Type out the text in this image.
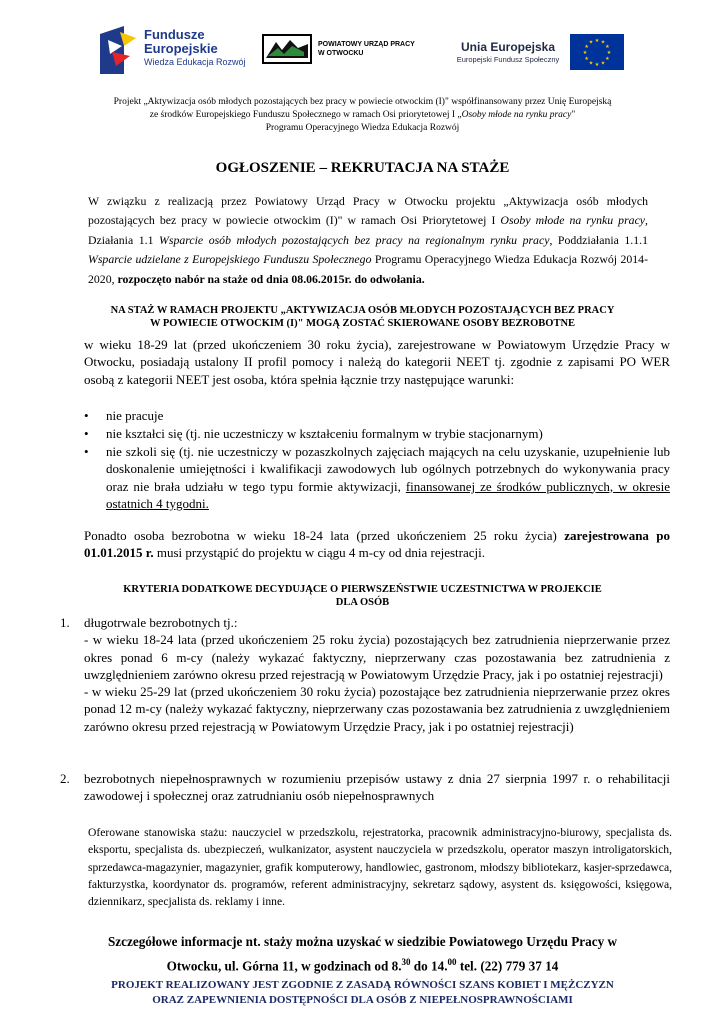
Fundusze
Europejskie
Wiedza Edukacja Rozwój
POWIATOWY URZĄD PRACY
W OTWOCKU	Unia Europejska
Europejski Fundusz Społeczny
★ ★
★
★
★
★
★
★
★
★
★
★
Projekt „Aktywizacja osób młodych pozostających bez pracy w powiecie otwockim (I)" współfinansowany przez Unię Europejską
ze środków Europejskiego Funduszu Społecznego w ramach Osi priorytetowej I „Osoby młode na rynku pracy"
Programu Operacyjnego Wiedza Edukacja Rozwój
OGŁOSZENIE – REKRUTACJA NA STAŻE
W związku z realizacją przez Powiatowy Urząd Pracy w Otwocku projektu „Aktywizacja osób młodych pozostających bez pracy w powiecie otwockim (I)" w ramach Osi Priorytetowej I Osoby młode na rynku pracy, Działania 1.1 Wsparcie osób młodych pozostających bez pracy na regionalnym rynku pracy, Poddziałania 1.1.1 Wsparcie udzielane z Europejskiego Funduszu Społecznego Programu Operacyjnego Wiedza Edukacja Rozwój 2014-2020, rozpoczęto nabór na staże od dnia 08.06.2015r. do odwołania.
NA STAŻ W RAMACH PROJEKTU „AKTYWIZACJA OSÓB MŁODYCH POZOSTAJĄCYCH BEZ PRACY
W POWIECIE OTWOCKIM (I)" MOGĄ ZOSTAĆ SKIEROWANE OSOBY BEZROBOTNE
w wieku 18-29 lat (przed ukończeniem 30 roku życia), zarejestrowane w Powiatowym Urzędzie Pracy w Otwocku, posiadają ustalony II profil pomocy i należą do kategorii NEET tj. zgodnie z zapisami PO WER osobą z kategorii NEET jest osoba, która spełnia łącznie trzy następujące warunki:
• nie pracuje
• nie kształci się (tj. nie uczestniczy w kształceniu formalnym w trybie stacjonarnym)
• nie szkoli się (tj. nie uczestniczy w pozaszkolnych zajęciach mających na celu uzyskanie, uzupełnienie lub doskonalenie umiejętności i kwalifikacji zawodowych lub ogólnych potrzebnych do wykonywania pracy oraz nie brała udziału w tego typu formie aktywizacji, finansowanej ze środków publicznych, w okresie ostatnich 4 tygodni.
Ponadto osoba bezrobotna w wieku 18-24 lata (przed ukończeniem 25 roku życia) zarejestrowana po 01.01.2015 r. musi przystąpić do projektu w ciągu 4 m-cy od dnia rejestracji.
KRYTERIA DODATKOWE DECYDUJĄCE O PIERWSZEŃSTWIE UCZESTNICTWA W PROJEKCIE
DLA OSÓB
1. długotrwale bezrobotnych tj.:
- w wieku 18-24 lata (przed ukończeniem 25 roku życia) pozostających bez zatrudnienia nieprzerwanie przez okres ponad 6 m-cy (należy wykazać faktyczny, nieprzerwany czas pozostawania bez zatrudnienia z uwzględnieniem zarówno okresu przed rejestracją w Powiatowym Urzędzie Pracy, jak i po ostatniej rejestracji)
- w wieku 25-29 lat (przed ukończeniem 30 roku życia) pozostające bez zatrudnienia nieprzerwanie przez okres ponad 12 m-cy (należy wykazać faktyczny, nieprzerwany czas pozostawania bez zatrudnienia z uwzględnieniem zarówno okresu przed rejestracją w Powiatowym Urzędzie Pracy, jak i po ostatniej rejestracji)
2. bezrobotnych niepełnosprawnych w rozumieniu przepisów ustawy z dnia 27 sierpnia 1997 r. o rehabilitacji zawodowej i społecznej oraz zatrudnianiu osób niepełnosprawnych
Oferowane stanowiska stażu: nauczyciel w przedszkolu, rejestratorka, pracownik administracyjno-biurowy, specjalista ds. eksportu, specjalista ds. ubezpieczeń, wulkanizator, asystent nauczyciela w przedszkolu, operator maszyn introligatorskich, sprzedawca-magazynier, magazynier, grafik komputerowy, handlowiec, gastronom, młodszy bibliotekarz, kasjer-sprzedawca, fakturzystka, koordynator ds. programów, referent administracyjny, sekretarz sądowy, asystent ds. księgowości, księgowa, dziennikarz, specjalista ds. reklamy i inne.
Szczegółowe informacje nt. staży można uzyskać w siedzibie Powiatowego Urzędu Pracy w
Otwocku, ul. Górna 11, w godzinach od 8.30 do 14.00 tel. (22) 779 37 14
PROJEKT REALIZOWANY JEST ZGODNIE Z ZASADĄ RÓWNOŚCI SZANS KOBIET I MĘŻCZYZN
ORAZ ZAPEWNIENIA DOSTĘPNOŚCI DLA OSÓB Z NIEPEŁNOSPRAWNOŚCIAMI
